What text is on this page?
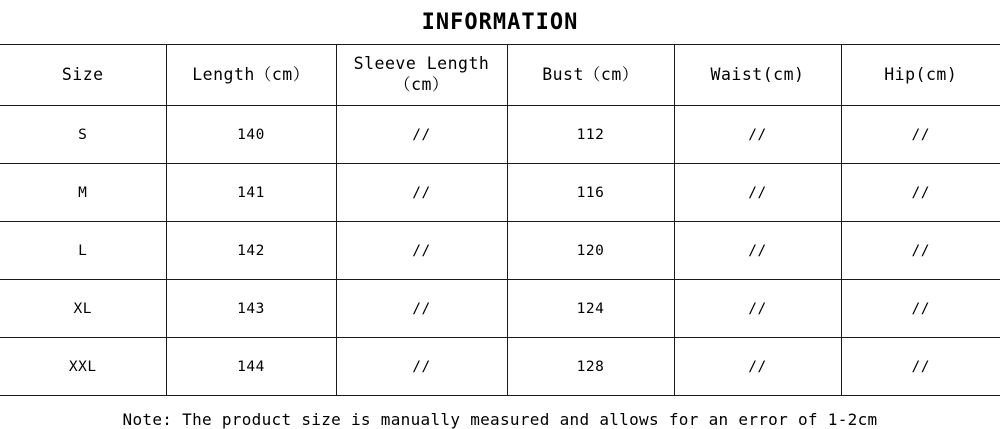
INFORMATION
Size	Length（cm）	Sleeve Length（cm）	Bust（cm）	Waist(cm)	Hip(cm)
S	140	//	112	//	//
M	141	//	116	//	//
L	142	//	120	//	//
XL	143	//	124	//	//
XXL	144	//	128	//	//
Note: The product size is manually measured and allows for an error of 1-2cm
